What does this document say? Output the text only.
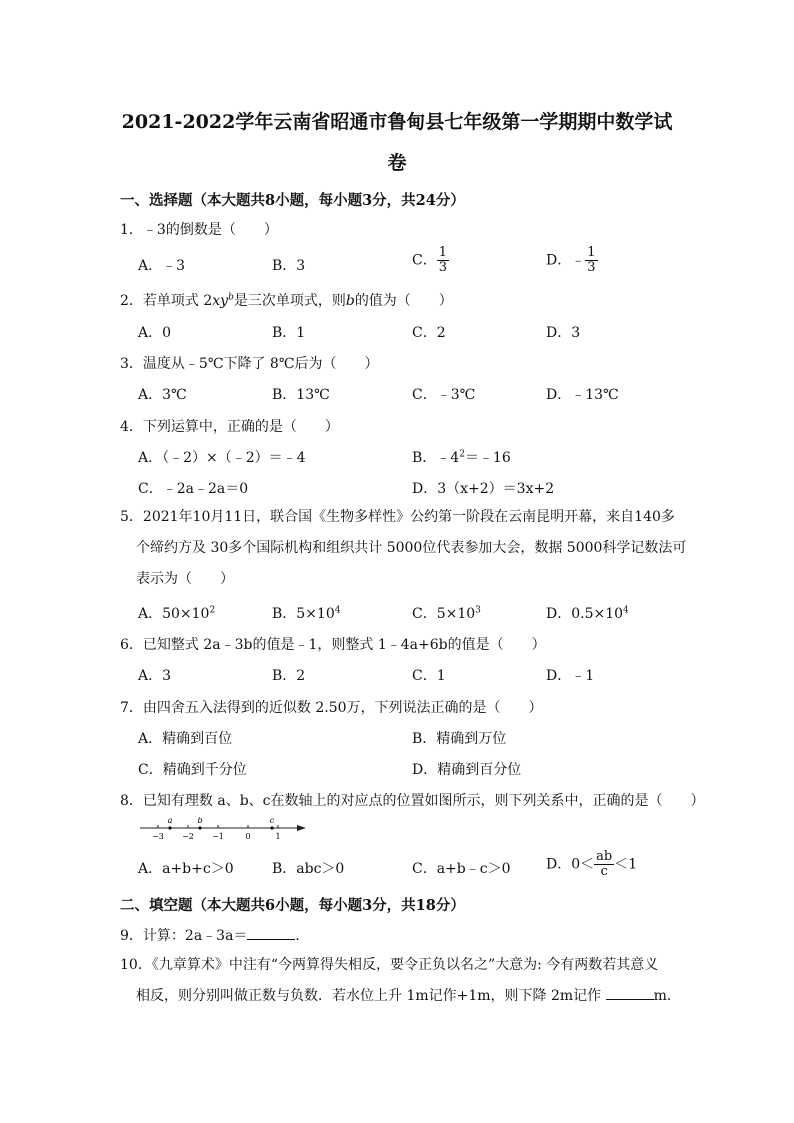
2021-2022学年云南省昭通市鲁甸县七年级第一学期期中数学试
卷
一、选择题（本大题共8小题，每小题3分，共24分）
1．﹣3的倒数是（　　）
A．﹣3	B．3	C． $\frac{1}{3}$	D．﹣ $\frac{1}{3}$
2．若单项式 $2xy^b$是三次单项式，则b的值为（　　）
A．0	B．1	C．2	D．3
3．温度从﹣5℃下降了 8℃后为（　　）
A．3℃	B．13℃	C．﹣3℃	D．﹣13℃
4．下列运算中，正确的是（　　）
A．（﹣2）×（﹣2）＝﹣4	B．$﹣4^2=﹣16$
C．﹣2a﹣2a＝0	D．3（x+2）＝3x+2
5．2021年10月11日，联合国《生物多样性》公约第一阶段在云南昆明开幕，来自140多
个缔约方及 30多个国际机构和组织共计 5000位代表参加大会，数据 5000科学记数法可
表示为（　　）
A．$50\times 10^2$	B．$5\times 10^4$	C．$5\times 10^3$	D．$0.5\times 10^4$
6．已知整式 2a﹣3b的值是﹣1，则整式 1﹣4a+6b的值是（　　）
A．3	B．2	C．1	D．﹣1
7．由四舍五入法得到的近似数 2.50万，下列说法正确的是（　　）
A．精确到百位	B．精确到万位
C．精确到千分位	D．精确到百分位
8．已知有理数 a、b、c在数轴上的对应点的位置如图所示，则下列关系中，正确的是（　　）
−3 −2 −1	0	1
a	b	c
A．a+b+c＞0	B．abc＞0	C．a+b﹣c＞0	D．$0< \frac{ab}{c} <1$
二、填空题（本大题共6小题，每小题3分，共18分）
9．计算：2a﹣3a＝	．
10．《九章算术》中注有“今两算得失相反，要令正负以名之”大意为: 今有两数若其意义
相反，则分别叫做正数与负数．若水位上升 1m记作+1m，则下降 2m记作	m．
